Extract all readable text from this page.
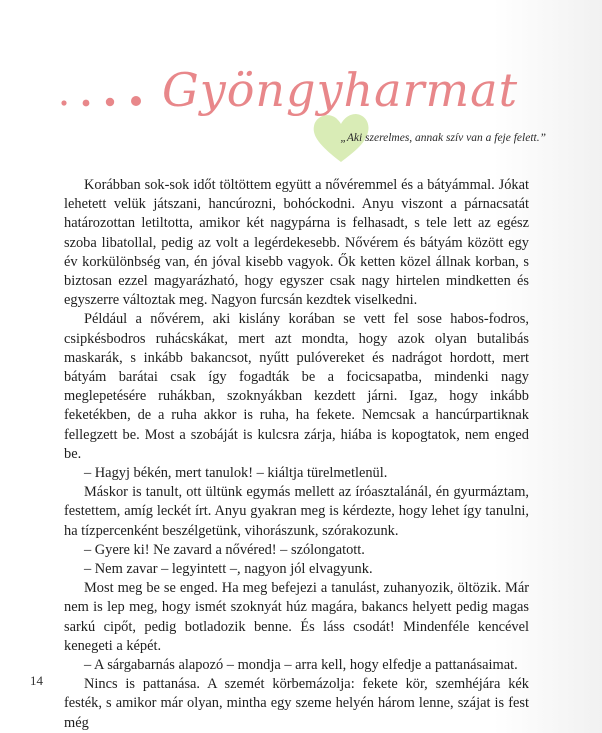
Gyöngyharmat

„Aki szerelmes, annak szív van a feje felett.”

Korábban sok-sok időt töltöttem együtt a nővéremmel és a bátyámmal. Jókat lehetett velük játszani, hancúrozni, bohóckodni. Anyu viszont a párnacsatát határozottan letiltotta, amikor két nagypárna is felhasadt, s tele lett az egész szoba libatollal, pedig az volt a legérdekesebb. Nővérem és bátyám között egy év korkülönbség van, én jóval kisebb vagyok. Ők ketten közel állnak korban, s biztosan ezzel magyarázható, hogy egyszer csak nagy hirtelen mindketten és egyszerre változtak meg. Nagyon furcsán kezdtek viselkedni.

Például a nővérem, aki kislány korában se vett fel sose habos-fodros, csipkésbodros ruhácskákat, mert azt mondta, hogy azok olyan butalibás maskarák, s inkább bakancsot, nyűtt pulóvereket és nadrágot hordott, mert bátyám barátai csak így fogadták be a focicsapatba, mindenki nagy meglepetésére ruhákban, szoknyákban kezdett járni. Igaz, hogy inkább feketékben, de a ruha akkor is ruha, ha fekete. Nemcsak a hancúrpartiknak fellegzett be. Most a szobáját is kulcsra zárja, hiába is kopogtatok, nem enged be.

– Hagyj békén, mert tanulok! – kiáltja türelmetlenül.

Máskor is tanult, ott ültünk egymás mellett az íróasztalánál, én gyurmáztam, festettem, amíg leckét írt. Anyu gyakran meg is kérdezte, hogy lehet így tanulni, ha tízpercenként beszélgetünk, vihorászunk, szórakozunk.

– Gyere ki! Ne zavard a nővéred! – szólongatott.

– Nem zavar – legyintett –, nagyon jól elvagyunk.

Most meg be se enged. Ha meg befejezi a tanulást, zuhanyozik, öltözik. Már nem is lep meg, hogy ismét szoknyát húz magára, bakancs helyett pedig magas sarkú cipőt, pedig botladozik benne. És láss csodát! Mindenféle kencével kenegeti a képét.

– A sárgabarnás alapozó – mondja – arra kell, hogy elfedje a pattanásaimat.

Nincs is pattanása. A szemét körbemázolja: fekete kör, szemhéjára kék festék, s amikor már olyan, mintha egy szeme helyén három lenne, szájat is fest még

14
